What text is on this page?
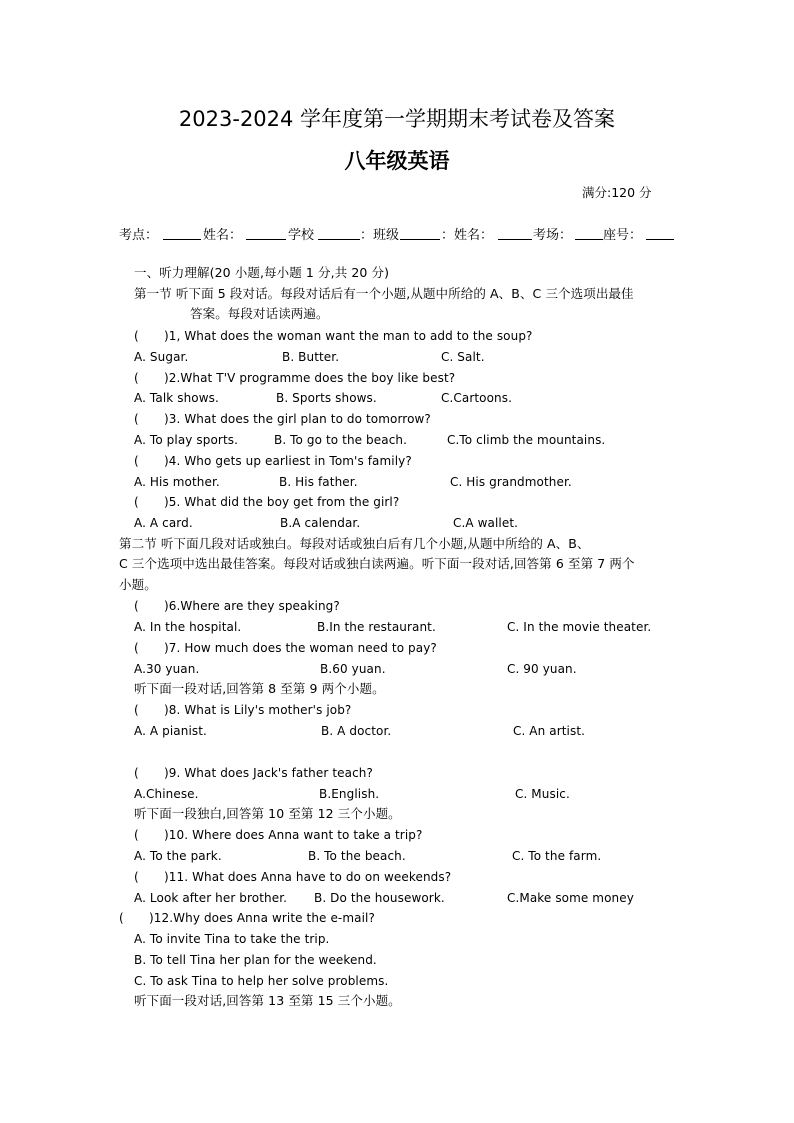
2023-2024 学年度第一学期期末考试卷及答案
八年级英语
满分:120 分
考点：	姓名：	学校	：班级	：姓名：	考场： 座号：
一、听力理解(20 小题,每小题 1 分,共 20 分)
第一节 听下面 5 段对话。每段对话后有一个小题,从题中所给的 A、B、C 三个选项出最佳
答案。每段对话读两遍。
( )1, What does the woman want the man to add to the soup?
A. Sugar.	B. Butter.	C. Salt.
( )2.What T'V programme does the boy like best?
A. Talk shows.	B. Sports shows.	C.Cartoons.
( )3. What does the girl plan to do tomorrow?
A. To play sports.	B. To go to the beach.	C.To climb the mountains.
( )4. Who gets up earliest in Tom's family?
A. His mother.	B. His father.	C. His grandmother.
( )5. What did the boy get from the girl?
A. A card.	B.A calendar.	C.A wallet.
第二节 听下面几段对话或独白。每段对话或独白后有几个小题,从题中所给的 A、B、
C 三个选项中选出最佳答案。每段对话或独白读两遍。听下面一段对话,回答第 6 至第 7 两个
小题。
( )6.Where are they speaking?
A. In the hospital.	B.In the restaurant.	C. In the movie theater.
( )7. How much does the woman need to pay?
A.30 yuan.	B.60 yuan.	C. 90 yuan.
听下面一段对话,回答第 8 至第 9 两个小题。
( )8. What is Lily's mother's job?
A. A pianist.	B. A doctor.	C. An artist.
( )9. What does Jack's father teach?
A.Chinese.	B.English.	C. Music.
听下面一段独白,回答第 10 至第 12 三个小题。
( )10. Where does Anna want to take a trip?
A. To the park.	B. To the beach.	C. To the farm.
( )11. What does Anna have to do on weekends?
A. Look after her brother. B. Do the housework.	C.Make some money
( )12.Why does Anna write the e-mail?
A. To invite Tina to take the trip.
B. To tell Tina her plan for the weekend.
C. To ask Tina to help her solve problems.
听下面一段对话,回答第 13 至第 15 三个小题。
